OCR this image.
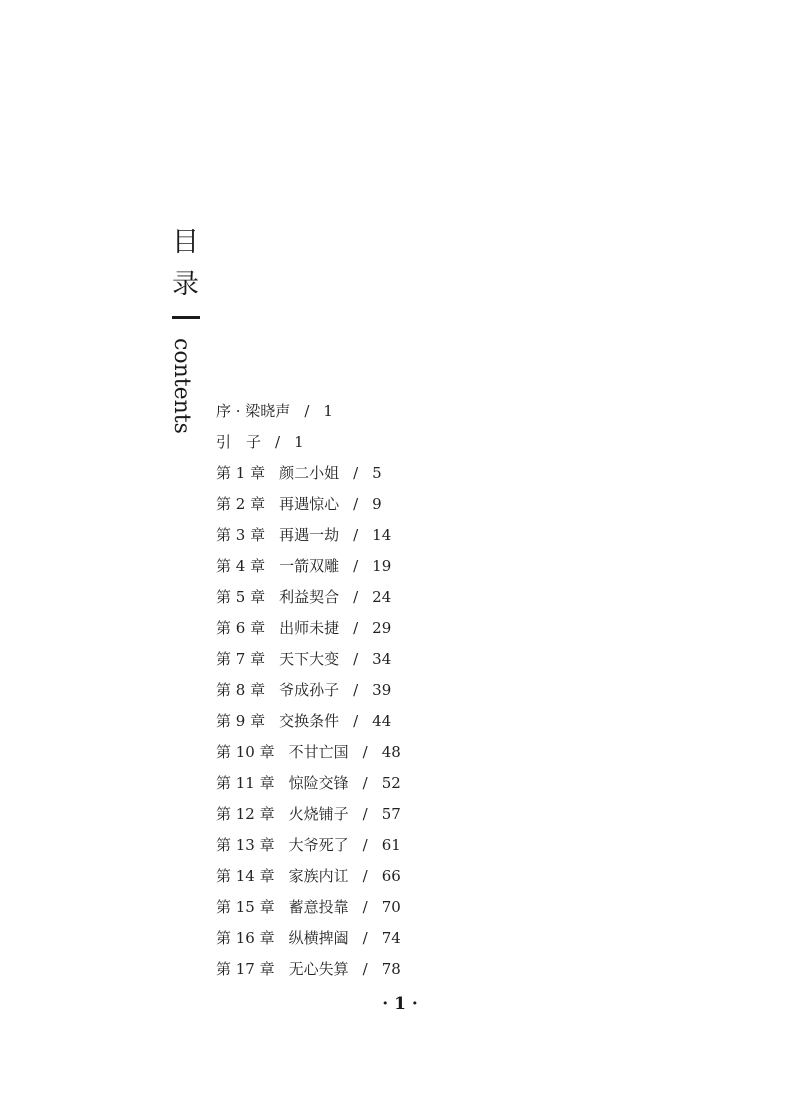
目
录
contents 序 · 梁晓声 / 1
引　子 / 1
第 1 章 颜二小姐 / 5
第 2 章 再遇惊心 / 9
第 3 章 再遇一劫 / 14
第 4 章 一箭双雕 / 19
第 5 章 利益契合 / 24
第 6 章 出师未捷 / 29
第 7 章 天下大变 / 34
第 8 章 爷成孙子 / 39
第 9 章 交换条件 / 44
第 10 章 不甘亡国 / 48
第 11 章 惊险交锋 / 52
第 12 章 火烧铺子 / 57
第 13 章 大爷死了 / 61
第 14 章 家族内讧 / 66
第 15 章 蓄意投靠 / 70
第 16 章 纵横捭阖 / 74
第 17 章 无心失算 / 78
· 1 ·
